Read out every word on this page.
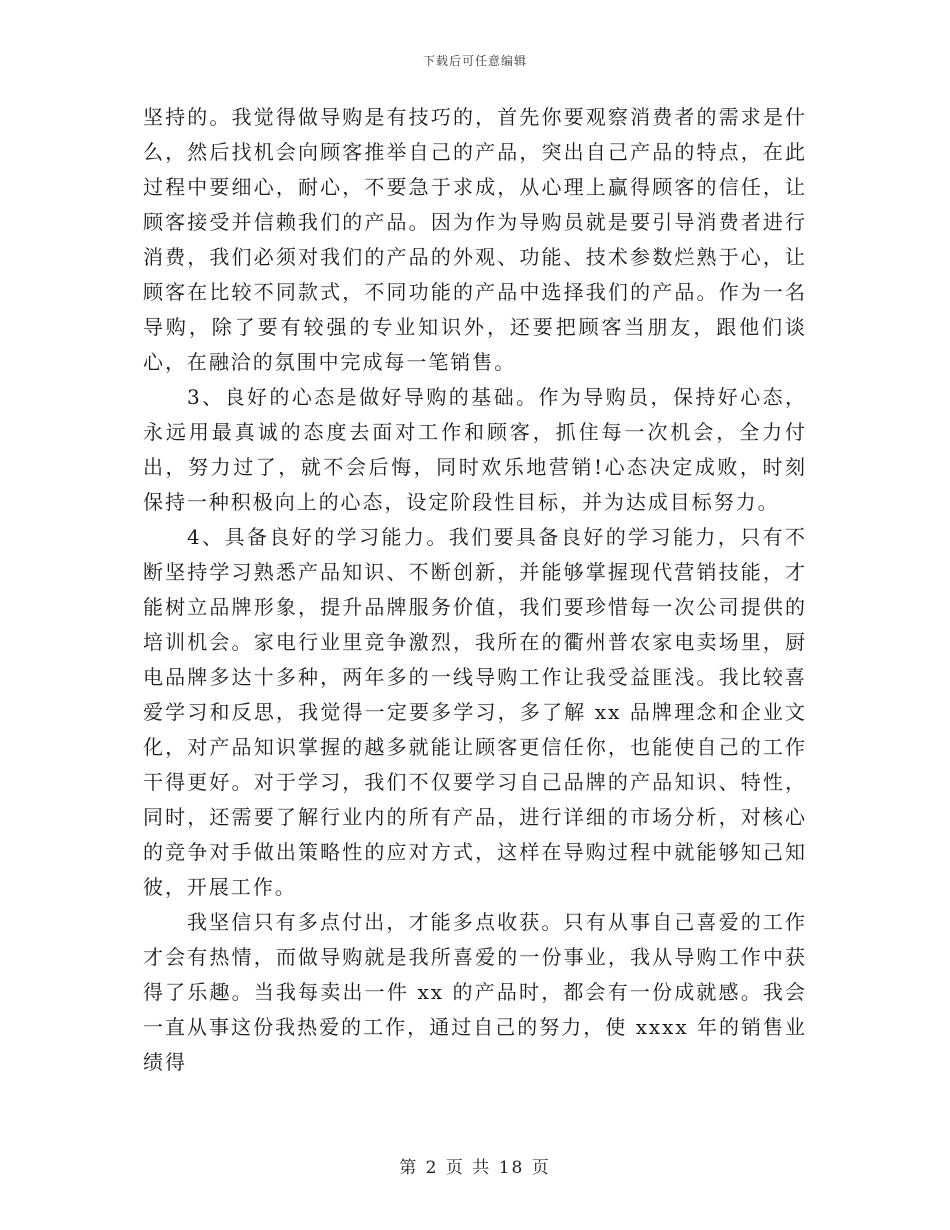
下载后可任意编辑

坚持的。我觉得做导购是有技巧的，首先你要观察消费者的需求是什么，然后找机会向顾客推举自己的产品，突出自己产品的特点，在此过程中要细心，耐心，不要急于求成，从心理上赢得顾客的信任，让顾客接受并信赖我们的产品。因为作为导购员就是要引导消费者进行消费，我们必须对我们的产品的外观、功能、技术参数烂熟于心，让顾客在比较不同款式，不同功能的产品中选择我们的产品。作为一名导购，除了要有较强的专业知识外，还要把顾客当朋友，跟他们谈心，在融洽的氛围中完成每一笔销售。

3、良好的心态是做好导购的基础。作为导购员，保持好心态，永远用最真诚的态度去面对工作和顾客，抓住每一次机会，全力付出，努力过了，就不会后悔，同时欢乐地营销!心态决定成败，时刻保持一种积极向上的心态，设定阶段性目标，并为达成目标努力。

4、具备良好的学习能力。我们要具备良好的学习能力，只有不断坚持学习熟悉产品知识、不断创新，并能够掌握现代营销技能，才能树立品牌形象，提升品牌服务价值，我们要珍惜每一次公司提供的培训机会。家电行业里竞争激烈，我所在的衢州普农家电卖场里，厨电品牌多达十多种，两年多的一线导购工作让我受益匪浅。我比较喜爱学习和反思，我觉得一定要多学习，多了解 xx 品牌理念和企业文化，对产品知识掌握的越多就能让顾客更信任你，也能使自己的工作干得更好。对于学习，我们不仅要学习自己品牌的产品知识、特性，同时，还需要了解行业内的所有产品，进行详细的市场分析，对核心的竞争对手做出策略性的应对方式，这样在导购过程中就能够知己知彼，开展工作。

我坚信只有多点付出，才能多点收获。只有从事自己喜爱的工作才会有热情，而做导购就是我所喜爱的一份事业，我从导购工作中获得了乐趣。当我每卖出一件 xx 的产品时，都会有一份成就感。我会一直从事这份我热爱的工作，通过自己的努力，使 xxxx 年的销售业绩得

第 2 页 共 18 页
